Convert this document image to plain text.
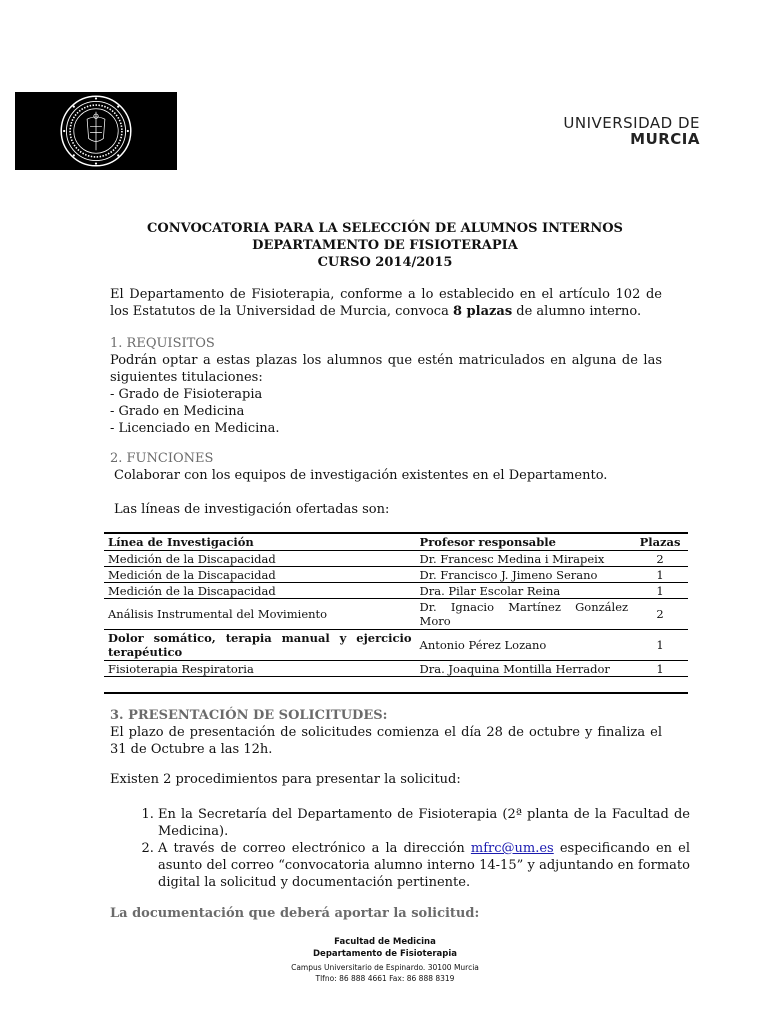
UNIVERSIDAD DE
MURCIA
CONVOCATORIA PARA LA SELECCIÓN DE ALUMNOS INTERNOS
DEPARTAMENTO DE FISIOTERAPIA
CURSO 2014/2015
El Departamento de Fisioterapia, conforme a lo establecido en el artículo 102 de los Estatutos de la Universidad de Murcia, convoca 8 plazas de alumno interno.
1. REQUISITOS
Podrán optar a estas plazas los alumnos que estén matriculados en alguna de las siguientes titulaciones:
- Grado de Fisioterapia
- Grado en Medicina
- Licenciado en Medicina.
2. FUNCIONES
Colaborar con los equipos de investigación existentes en el Departamento.
Las líneas de investigación ofertadas son:
Línea de Investigación	Profesor responsable	Plazas
Medición de la Discapacidad	Dr. Francesc Medina i Mirapeix	2
Medición de la Discapacidad	Dr. Francisco J. Jimeno Serano	1
Medición de la Discapacidad	Dra. Pilar Escolar Reina	1
Análisis Instrumental del Movimiento	Dr. Ignacio Martínez González Moro	2
Dolor somático, terapia manual y ejercicio terapéutico	Antonio Pérez Lozano	1
Fisioterapia Respiratoria	Dra. Joaquina Montilla Herrador	1

3. PRESENTACIÓN DE SOLICITUDES:
El plazo de presentación de solicitudes comienza el día 28 de octubre y finaliza el 31 de Octubre a las 12h.
Existen 2 procedimientos para presentar la solicitud:
1. En la Secretaría del Departamento de Fisioterapia (2ª planta de la Facultad de Medicina).
2. A través de correo electrónico a la dirección mfrc@um.es especificando en el asunto del correo “convocatoria alumno interno 14-15” y adjuntando en formato digital la solicitud y documentación pertinente.
La documentación que deberá aportar la solicitud:
Facultad de Medicina
Departamento de Fisioterapia
Campus Universitario de Espinardo. 30100 Murcia
Tlfno: 86 888 4661 Fax: 86 888 8319
